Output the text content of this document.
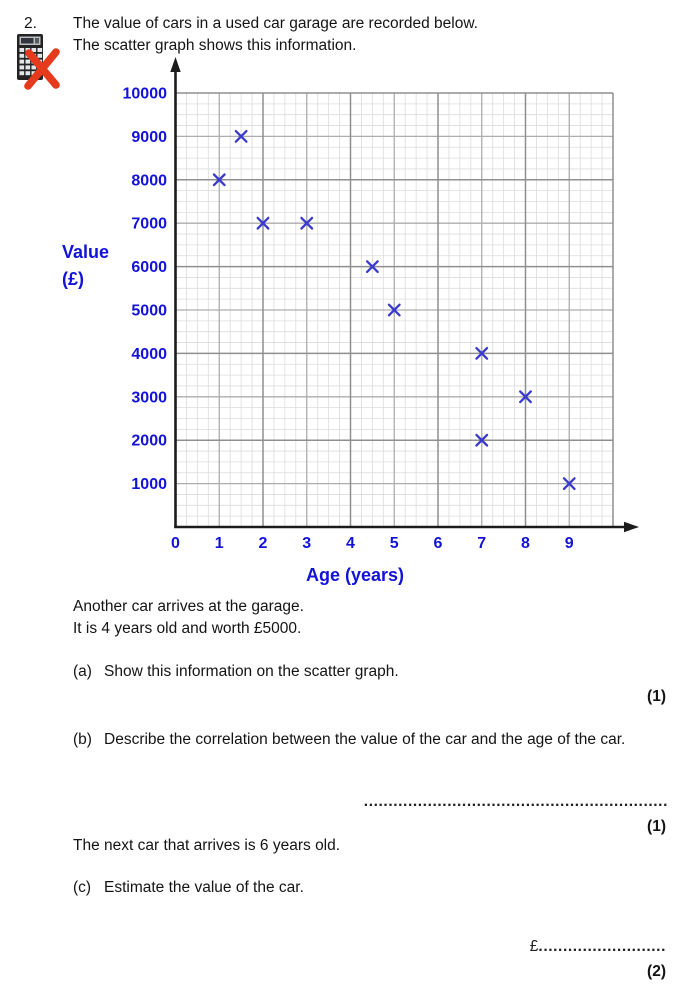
2. The value of cars in a used car garage are recorded below.
The scatter graph shows this information.
1000
2000
3000
4000
5000
6000
7000
8000
9000
10000
0 1 2 3 4 5 6 7 8 9
Value
(£)
Age (years)
Another car arrives at the garage.
It is 4 years old and worth £5000.
(a) Show this information on the scatter graph.
(1)
(b) Describe the correlation between the value of the car and the age of the car.
..............................................................
(1)
The next car that arrives is 6 years old.
(c) Estimate the value of the car.
£..........................
(2)
